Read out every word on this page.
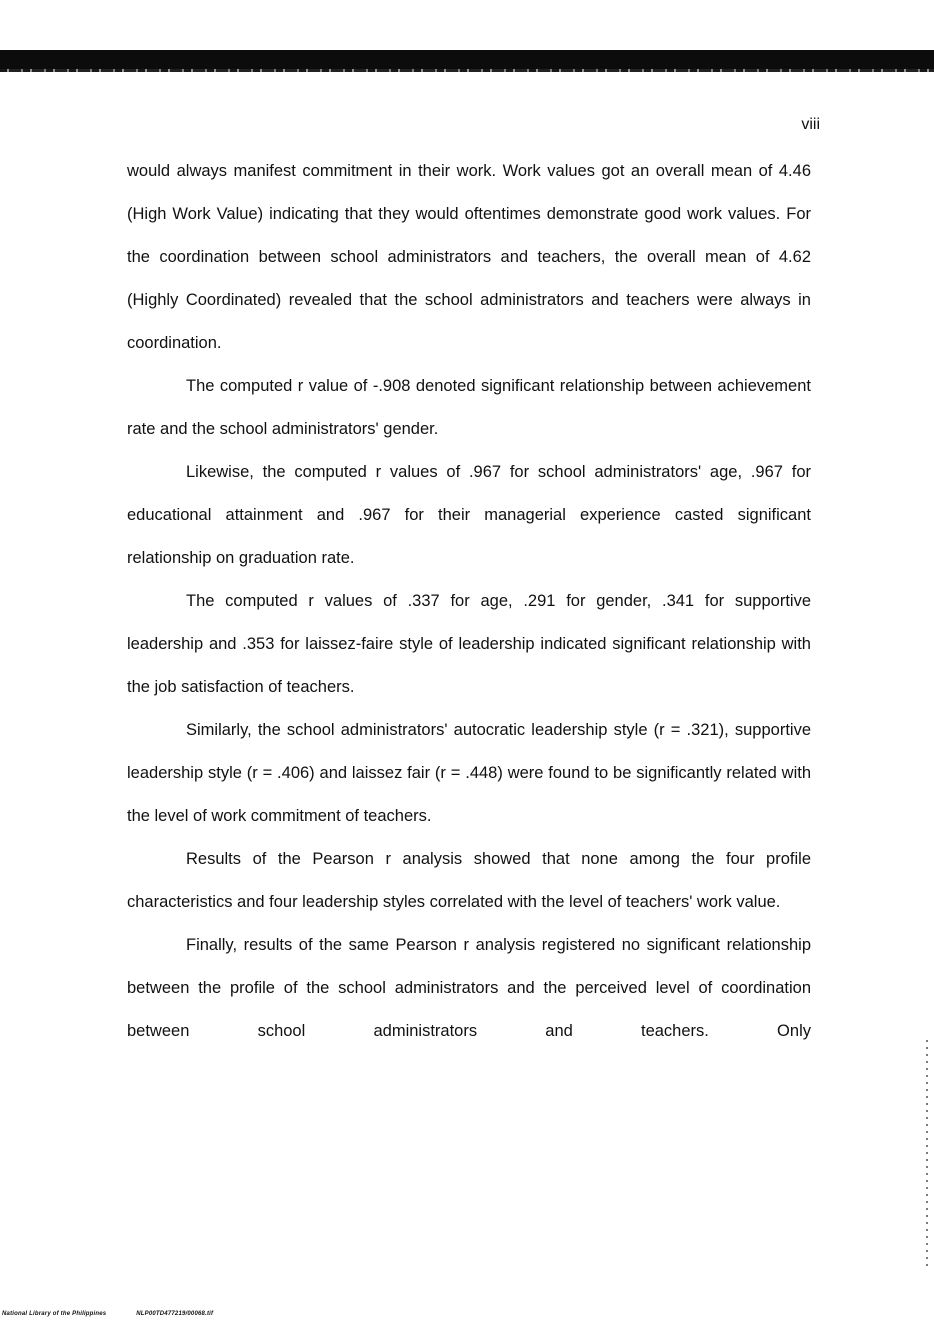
viii

would always manifest commitment in their work. Work values got an overall mean of 4.46 (High Work Value) indicating that they would oftentimes demonstrate good work values. For the coordination between school administrators and teachers, the overall mean of 4.62 (Highly Coordinated) revealed that the school administrators and teachers were always in coordination.

The computed r value of -.908 denoted significant relationship between achievement rate and the school administrators' gender.

Likewise, the computed r values of .967 for school administrators' age, .967 for educational attainment and .967 for their managerial experience casted significant relationship on graduation rate.

The computed r values of .337 for age, .291 for gender, .341 for supportive leadership and .353 for laissez-faire style of leadership indicated significant relationship with the job satisfaction of teachers.

Similarly, the school administrators' autocratic leadership style (r = .321), supportive leadership style (r = .406) and laissez fair (r = .448) were found to be significantly related with the level of work commitment of teachers.

Results of the Pearson r analysis showed that none among the four profile characteristics and four leadership styles correlated with the level of teachers' work value.

Finally, results of the same Pearson r analysis registered no significant relationship between the profile of the school administrators and the perceived level of coordination between school administrators and teachers. Only

National Library of the Philippines	NLP00TD477219/00068.tif
